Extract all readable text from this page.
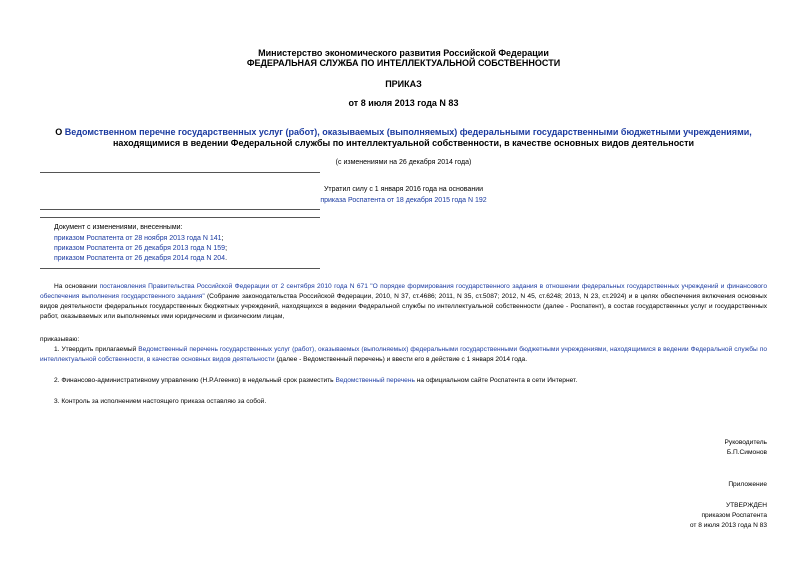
Министерство экономического развития Российской Федерации
ФЕДЕРАЛЬНАЯ СЛУЖБА ПО ИНТЕЛЛЕКТУАЛЬНОЙ СОБСТВЕННОСТИ
ПРИКАЗ
от 8 июля 2013 года N 83
О Ведомственном перечне государственных услуг (работ), оказываемых (выполняемых) федеральными государственными бюджетными учреждениями,
находящимися в ведении Федеральной службы по интеллектуальной собственности, в качестве основных видов деятельности
(с изменениями на 26 декабря 2014 года)
Утратил силу с 1 января 2016 года на основании
приказа Роспатента от 18 декабря 2015 года N 192
Документ с изменениями, внесенными:
приказом Роспатента от 28 ноября 2013 года N 141;
приказом Роспатента от 26 декабря 2013 года N 159;
приказом Роспатента от 26 декабря 2014 года N 204.
На основании постановления Правительства Российской Федерации от 2 сентября 2010 года N 671 "О порядке формирования государственного задания в отношении федеральных государственных учреждений и финансового обеспечения выполнения государственного задания" (Собрание законодательства Российской Федерации, 2010, N 37, ст.4686; 2011, N 35, ст.5087; 2012, N 45, ст.6248; 2013, N 23, ст.2924) и в целях обеспечения включения основных видов деятельности федеральных государственных бюджетных учреждений, находящихся в ведении Федеральной службы по интеллектуальной собственности (далее - Роспатент), в состав государственных услуг и государственных работ, оказываемых или выполняемых ими юридическим и физическим лицам,
приказываю:
1. Утвердить прилагаемый Ведомственный перечень государственных услуг (работ), оказываемых (выполняемых) федеральными государственными бюджетными учреждениями, находящимися в ведении Федеральной службы по интеллектуальной собственности, в качестве основных видов деятельности (далее - Ведомственный перечень) и ввести его в действие с 1 января 2014 года.
2. Финансово-административному управлению (Н.Р.Агеенко) в недельный срок разместить Ведомственный перечень на официальном сайте Роспатента в сети Интернет.
3. Контроль за исполнением настоящего приказа оставляю за собой.
Руководитель
Б.П.Симонов
Приложение
УТВЕРЖДЕН
приказом Роспатента
от 8 июля 2013 года N 83
